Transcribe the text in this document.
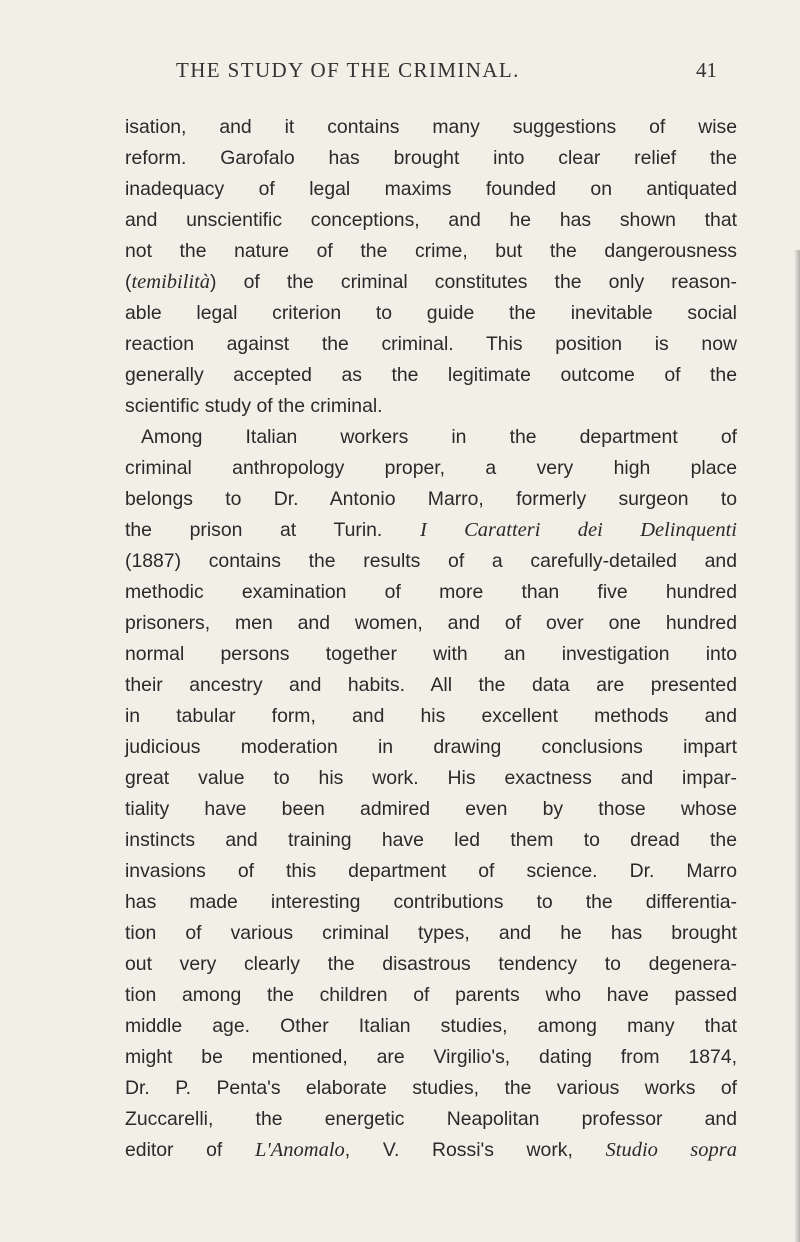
THE STUDY OF THE CRIMINAL.	41
isation, and it contains many suggestions of wise
reform. Garofalo has brought into clear relief the
inadequacy of legal maxims founded on antiquated
and unscientific conceptions, and he has shown that
not the nature of the crime, but the dangerousness
(temibilità) of the criminal constitutes the only reason-
able legal criterion to guide the inevitable social
reaction against the criminal. This position is now
generally accepted as the legitimate outcome of the
scientific study of the criminal.
Among Italian workers in the department of
criminal anthropology proper, a very high place
belongs to Dr. Antonio Marro, formerly surgeon to
the prison at Turin. I Caratteri dei Delinquenti
(1887) contains the results of a carefully-detailed and
methodic examination of more than five hundred
prisoners, men and women, and of over one hundred
normal persons together with an investigation into
their ancestry and habits. All the data are presented
in tabular form, and his excellent methods and
judicious moderation in drawing conclusions impart
great value to his work. His exactness and impar-
tiality have been admired even by those whose
instincts and training have led them to dread the
invasions of this department of science. Dr. Marro
has made interesting contributions to the differentia-
tion of various criminal types, and he has brought
out very clearly the disastrous tendency to degenera-
tion among the children of parents who have passed
middle age. Other Italian studies, among many that
might be mentioned, are Virgilio's, dating from 1874,
Dr. P. Penta's elaborate studies, the various works of
Zuccarelli, the energetic Neapolitan professor and
editor of L'Anomalo, V. Rossi's work, Studio sopra
